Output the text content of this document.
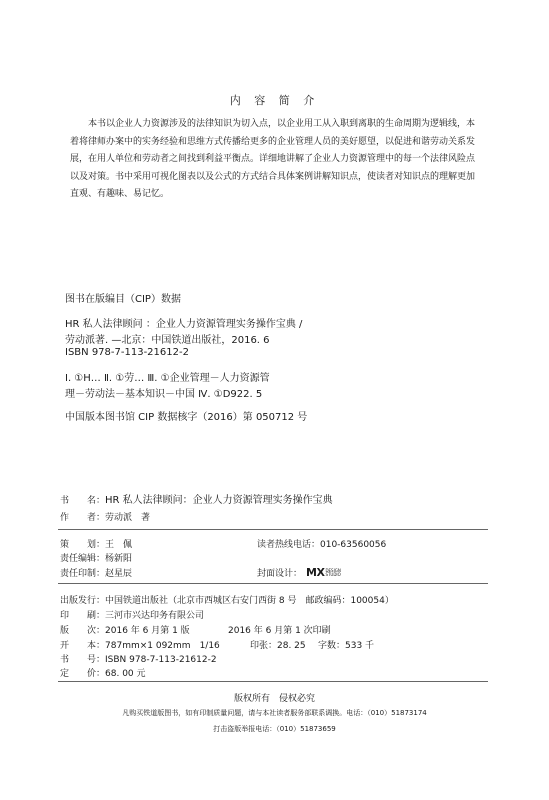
内 容 简 介

本书以企业人力资源涉及的法律知识为切入点，以企业用工从入职到离职的生命周期为逻辑线，本着将律师办案中的实务经验和思维方式传播给更多的企业管理人员的美好愿望，以促进和谐劳动关系发展，在用人单位和劳动者之间找到利益平衡点。详细地讲解了企业人力资源管理中的每一个法律风险点以及对策。书中采用可视化图表以及公式的方式结合具体案例讲解知识点，使读者对知识点的理解更加直观、有趣味、易记忆。

图书在版编目（CIP）数据
HR 私人法律顾问 ：企业人力资源管理实务操作宝典 /
劳动派著. —北京：中国铁道出版社，2016. 6
ISBN 978-7-113-21612-2
Ⅰ. ①H… Ⅱ. ①劳… Ⅲ. ①企业管理－人力资源管
理－劳动法－基本知识－中国 Ⅳ. ①D922. 5
中国版本图书馆 CIP 数据核字（2016）第 050712 号
书　　名：HR 私人法律顾问：企业人力资源管理实务操作宝典
作　　者：劳动派　著
策　　划：王　佩	读者热线电话：010-63560056
责任编辑：杨新阳
责任印制：赵星辰	封面设计： MX DESIGN
STUDIO
出版发行：中国铁道出版社（北京市西城区右安门西街 8 号　邮政编码：100054）
印　　刷：三河市兴达印务有限公司
版　　次：2016 年 6 月第 1 版	2016 年 6 月第 1 次印刷
开　　本：787mm×1 092mm　1/16	印张：28. 25 字数：533 千
书　　号：ISBN 978-7-113-21612-2
定　　价：68. 00 元
版权所有　侵权必究
凡购买铁道版图书，如有印制质量问题，请与本社读者服务部联系调换。电话：（010）51873174
打击盗版举报电话：（010）51873659
